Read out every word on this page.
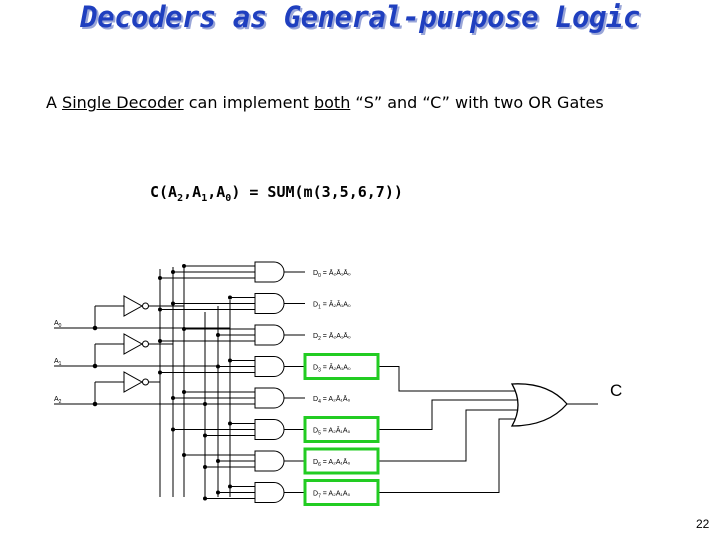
Decoders as General-purpose Logic
A Single Decoder can implement both “S” and “C” with two OR Gates
$C(A_2,A_1,A_0) = SUM(m(3,5,6,7))$
$D_0$ = Ā₂Ā₁Ā₀
$D_1$ = Ā₂Ā₁A₀
$D_2$ = Ā₂A₁Ā₀
$D_3$ = Ā₂A₁A₀
$D_4$ = A₂Ā₁Ā₀
$D_5$ = A₂Ā₁A₀
$D_6$ = A₂A₁Ā₀
$D_7 = A_2A_1A_0$
$A_0$
$A_1$
$A_2$
C
22
